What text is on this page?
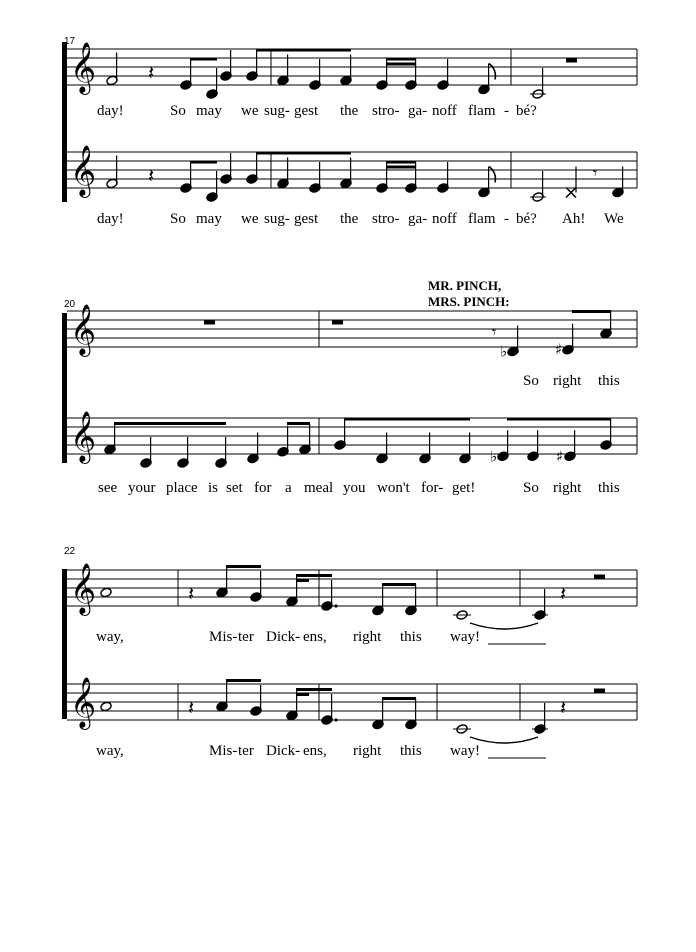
𝄞
𝄞
𝄞
𝄞
𝄞
𝄞
𝄽
𝄽	𝄾
𝄾
♭	♯
♭	♯
𝄽	𝄽
𝄽	𝄽
17
20
22
MR. PINCH,
MRS. PINCH:
day!	So may we sug- gest the stro- ga- noff flam - bé?
day!	So may we sug- gest the stro- ga- noff flam - bé? Ah! We
So right this
see your place is set for a meal you won't for- get!	So right this
way,	Mis- ter Dick- ens, right this way!
way,	Mis- ter Dick- ens, right this way!
